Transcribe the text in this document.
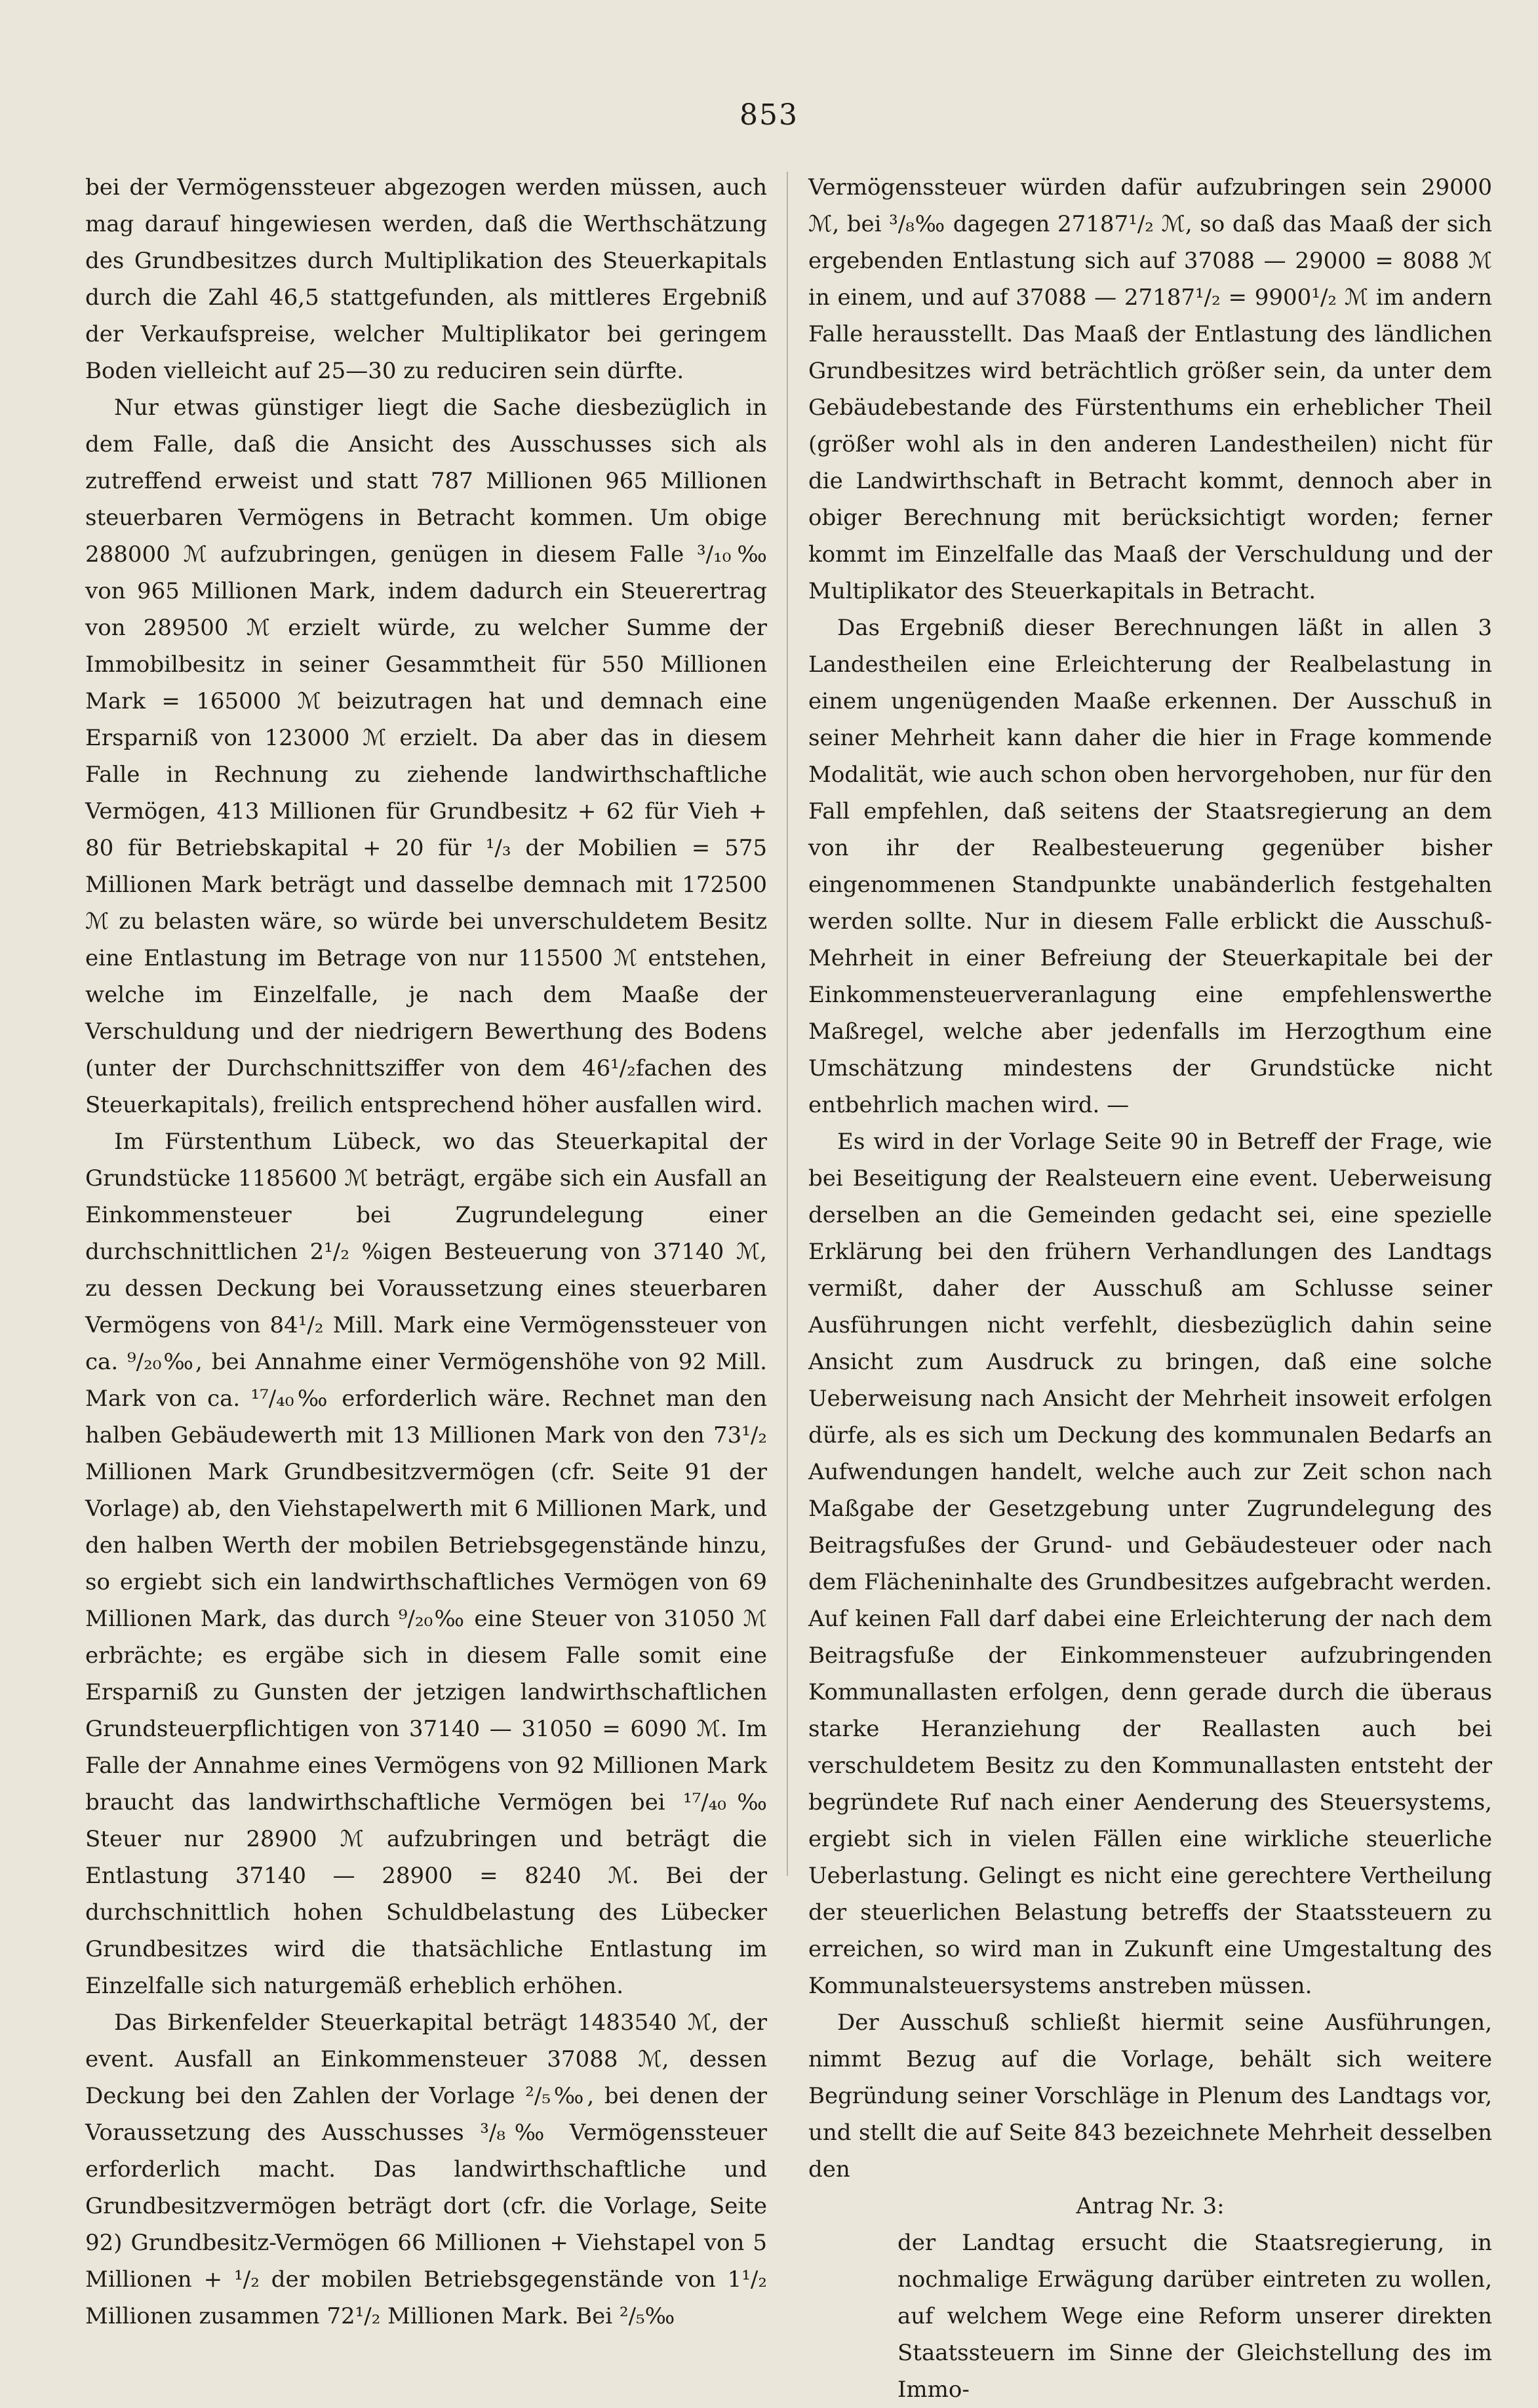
853

bei der Vermögenssteuer abgezogen werden müssen, auch mag darauf hingewiesen werden, daß die Werthschätzung des Grundbesitzes durch Multiplikation des Steuerkapitals durch die Zahl 46,5 stattgefunden, als mittleres Ergebniß der Verkaufspreise, welcher Multiplikator bei geringem Boden vielleicht auf 25—30 zu reduciren sein dürfte.

Nur etwas günstiger liegt die Sache diesbezüglich in dem Falle, daß die Ansicht des Ausschusses sich als zutreffend erweist und statt 787 Millionen 965 Millionen steuerbaren Vermögens in Betracht kommen. Um obige 288000 ℳ aufzubringen, genügen in diesem Falle ³/₁₀‰ von 965 Millionen Mark, indem dadurch ein Steuerertrag von 289500 ℳ erzielt würde, zu welcher Summe der Immobilbesitz in seiner Gesammtheit für 550 Millionen Mark = 165000 ℳ beizutragen hat und demnach eine Ersparniß von 123000 ℳ erzielt. Da aber das in diesem Falle in Rechnung zu ziehende landwirthschaftliche Vermögen, 413 Millionen für Grundbesitz + 62 für Vieh + 80 für Betriebskapital + 20 für ¹/₃ der Mobilien = 575 Millionen Mark beträgt und dasselbe demnach mit 172500 ℳ zu belasten wäre, so würde bei unverschuldetem Besitz eine Entlastung im Betrage von nur 115500 ℳ entstehen, welche im Einzelfalle, je nach dem Maaße der Verschuldung und der niedrigern Bewerthung des Bodens (unter der Durchschnittsziffer von dem 46¹/₂fachen des Steuerkapitals), freilich entsprechend höher ausfallen wird.

Im Fürstenthum Lübeck, wo das Steuerkapital der Grundstücke 1185600 ℳ beträgt, ergäbe sich ein Ausfall an Einkommensteuer bei Zugrundelegung einer durchschnittlichen 2¹/₂ %igen Besteuerung von 37140 ℳ, zu dessen Deckung bei Voraussetzung eines steuerbaren Vermögens von 84¹/₂ Mill. Mark eine Vermögenssteuer von ca. ⁹/₂₀‰, bei Annahme einer Vermögenshöhe von 92 Mill. Mark von ca. ¹⁷/₄₀‰ erforderlich wäre. Rechnet man den halben Gebäudewerth mit 13 Millionen Mark von den 73¹/₂ Millionen Mark Grundbesitzvermögen (cfr. Seite 91 der Vorlage) ab, den Viehstapelwerth mit 6 Millionen Mark, und den halben Werth der mobilen Betriebsgegenstände hinzu, so ergiebt sich ein landwirthschaftliches Vermögen von 69 Millionen Mark, das durch ⁹/₂₀‰ eine Steuer von 31050 ℳ erbrächte; es ergäbe sich in diesem Falle somit eine Ersparniß zu Gunsten der jetzigen landwirthschaftlichen Grundsteuerpflichtigen von 37140 — 31050 = 6090 ℳ. Im Falle der Annahme eines Vermögens von 92 Millionen Mark braucht das landwirthschaftliche Vermögen bei ¹⁷/₄₀‰ Steuer nur 28900 ℳ aufzubringen und beträgt die Entlastung 37140 — 28900 = 8240 ℳ. Bei der durchschnittlich hohen Schuldbelastung des Lübecker Grundbesitzes wird die thatsächliche Entlastung im Einzelfalle sich naturgemäß erheblich erhöhen.

Das Birkenfelder Steuerkapital beträgt 1483540 ℳ, der event. Ausfall an Einkommensteuer 37088 ℳ, dessen Deckung bei den Zahlen der Vorlage ²/₅‰, bei denen der Voraussetzung des Ausschusses ³/₈‰ Vermögenssteuer erforderlich macht. Das landwirthschaftliche und Grundbesitzvermögen beträgt dort (cfr. die Vorlage, Seite 92) Grundbesitz-Vermögen 66 Millionen + Viehstapel von 5 Millionen + ¹/₂ der mobilen Betriebsgegenstände von 1¹/₂ Millionen zusammen 72¹/₂ Millionen Mark. Bei ²/₅‰

Vermögenssteuer würden dafür aufzubringen sein 29000 ℳ, bei ³/₈‰ dagegen 27187¹/₂ ℳ, so daß das Maaß der sich ergebenden Entlastung sich auf 37088 — 29000 = 8088 ℳ in einem, und auf 37088 — 27187¹/₂ = 9900¹/₂ ℳ im andern Falle herausstellt. Das Maaß der Entlastung des ländlichen Grundbesitzes wird beträchtlich größer sein, da unter dem Gebäudebestande des Fürstenthums ein erheblicher Theil (größer wohl als in den anderen Landestheilen) nicht für die Landwirthschaft in Betracht kommt, dennoch aber in obiger Berechnung mit berücksichtigt worden; ferner kommt im Einzelfalle das Maaß der Verschuldung und der Multiplikator des Steuerkapitals in Betracht.

Das Ergebniß dieser Berechnungen läßt in allen 3 Landestheilen eine Erleichterung der Realbelastung in einem ungenügenden Maaße erkennen. Der Ausschuß in seiner Mehrheit kann daher die hier in Frage kommende Modalität, wie auch schon oben hervorgehoben, nur für den Fall empfehlen, daß seitens der Staatsregierung an dem von ihr der Realbesteuerung gegenüber bisher eingenommenen Standpunkte unabänderlich festgehalten werden sollte. Nur in diesem Falle erblickt die Ausschuß-Mehrheit in einer Befreiung der Steuerkapitale bei der Einkommensteuerveranlagung eine empfehlenswerthe Maßregel, welche aber jedenfalls im Herzogthum eine Umschätzung mindestens der Grundstücke nicht entbehrlich machen wird. —

Es wird in der Vorlage Seite 90 in Betreff der Frage, wie bei Beseitigung der Realsteuern eine event. Ueberweisung derselben an die Gemeinden gedacht sei, eine spezielle Erklärung bei den frühern Verhandlungen des Landtags vermißt, daher der Ausschuß am Schlusse seiner Ausführungen nicht verfehlt, diesbezüglich dahin seine Ansicht zum Ausdruck zu bringen, daß eine solche Ueberweisung nach Ansicht der Mehrheit insoweit erfolgen dürfe, als es sich um Deckung des kommunalen Bedarfs an Aufwendungen handelt, welche auch zur Zeit schon nach Maßgabe der Gesetzgebung unter Zugrundelegung des Beitragsfußes der Grund- und Gebäudesteuer oder nach dem Flächeninhalte des Grundbesitzes aufgebracht werden. Auf keinen Fall darf dabei eine Erleichterung der nach dem Beitragsfuße der Einkommensteuer aufzubringenden Kommunallasten erfolgen, denn gerade durch die überaus starke Heranziehung der Reallasten auch bei verschuldetem Besitz zu den Kommunallasten entsteht der begründete Ruf nach einer Aenderung des Steuersystems, ergiebt sich in vielen Fällen eine wirkliche steuerliche Ueberlastung. Gelingt es nicht eine gerechtere Vertheilung der steuerlichen Belastung betreffs der Staatssteuern zu erreichen, so wird man in Zukunft eine Umgestaltung des Kommunalsteuersystems anstreben müssen.

Der Ausschuß schließt hiermit seine Ausführungen, nimmt Bezug auf die Vorlage, behält sich weitere Begründung seiner Vorschläge in Plenum des Landtags vor, und stellt die auf Seite 843 bezeichnete Mehrheit desselben den

Antrag Nr. 3:

der Landtag ersucht die Staatsregierung, in nochmalige Erwägung darüber eintreten zu wollen, auf welchem Wege eine Reform unserer direkten Staatssteuern im Sinne der Gleichstellung des im Immo-
